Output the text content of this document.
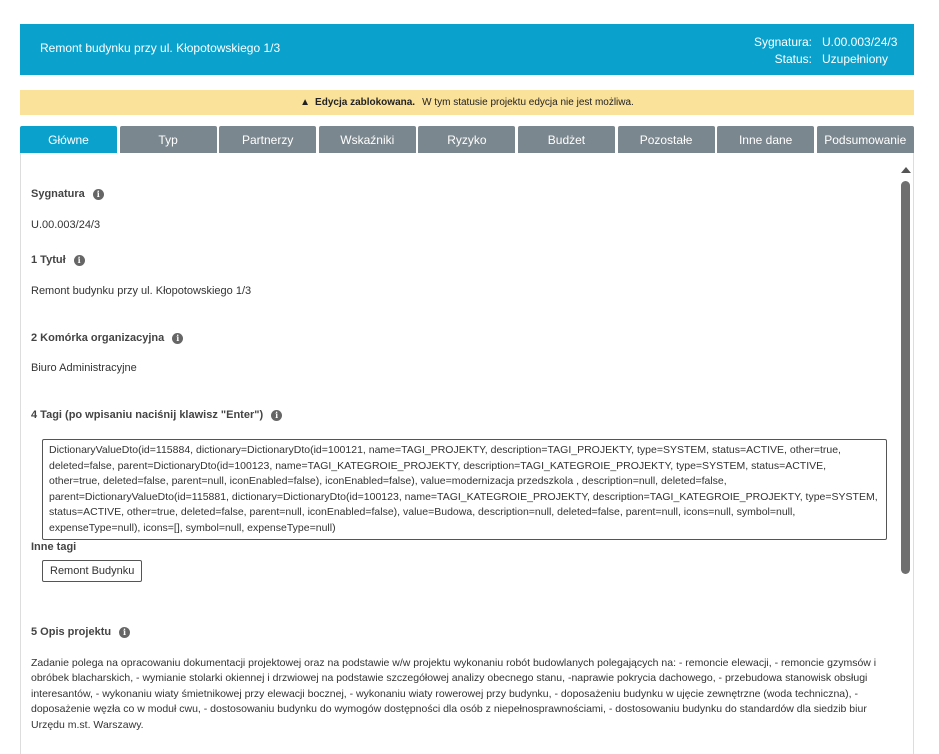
Remont budynku przy ul. Kłopotowskiego 1/3	Sygnatura: U.00.003/24/3
Status: Uzupełniony
▲ Edycja zablokowana. W tym statusie projektu edycja nie jest możliwa.
Główne	Typ	Partnerzy	Wskaźniki	Ryzyko	Budżet	Pozostałe	Inne dane	Podsumowanie
Sygnatura	i
U.00.003/24/3
1 Tytuł	i
Remont budynku przy ul. Kłopotowskiego 1/3
2 Komórka organizacyjna	i
Biuro Administracyjne
4 Tagi (po wpisaniu naciśnij klawisz "Enter")	i
DictionaryValueDto(id=115884, dictionary=DictionaryDto(id=100121, name=TAGI_PROJEKTY, description=TAGI_PROJEKTY, type=SYSTEM, status=ACTIVE, other=true, deleted=false, parent=DictionaryDto(id=100123, name=TAGI_KATEGROIE_PROJEKTY, description=TAGI_KATEGROIE_PROJEKTY, type=SYSTEM, status=ACTIVE, other=true, deleted=false, parent=null, iconEnabled=false), iconEnabled=false), value=modernizacja przedszkola , description=null, deleted=false, parent=DictionaryValueDto(id=115881, dictionary=DictionaryDto(id=100123, name=TAGI_KATEGROIE_PROJEKTY, description=TAGI_KATEGROIE_PROJEKTY, type=SYSTEM, status=ACTIVE, other=true, deleted=false, parent=null, iconEnabled=false), value=Budowa, description=null, deleted=false, parent=null, icons=null, symbol=null, expenseType=null), icons=[], symbol=null, expenseType=null)
Inne tagi
Remont Budynku
5 Opis projektu	i
Zadanie polega na opracowaniu dokumentacji projektowej oraz na podstawie w/w projektu wykonaniu robót budowlanych polegających na: - remoncie elewacji, - remoncie gzymsów i obróbek blacharskich, - wymianie stolarki okiennej i drzwiowej na podstawie szczegółowej analizy obecnego stanu, -naprawie pokrycia dachowego, - przebudowa stanowisk obsługi interesantów, - wykonaniu wiaty śmietnikowej przy elewacji bocznej, - wykonaniu wiaty rowerowej przy budynku, - doposażeniu budynku w ujęcie zewnętrzne (woda techniczna), - doposażenie węzła co w moduł cwu, - dostosowaniu budynku do wymogów dostępności dla osób z niepełnosprawnościami, - dostosowaniu budynku do standardów dla siedzib biur Urzędu m.st. Warszawy.
